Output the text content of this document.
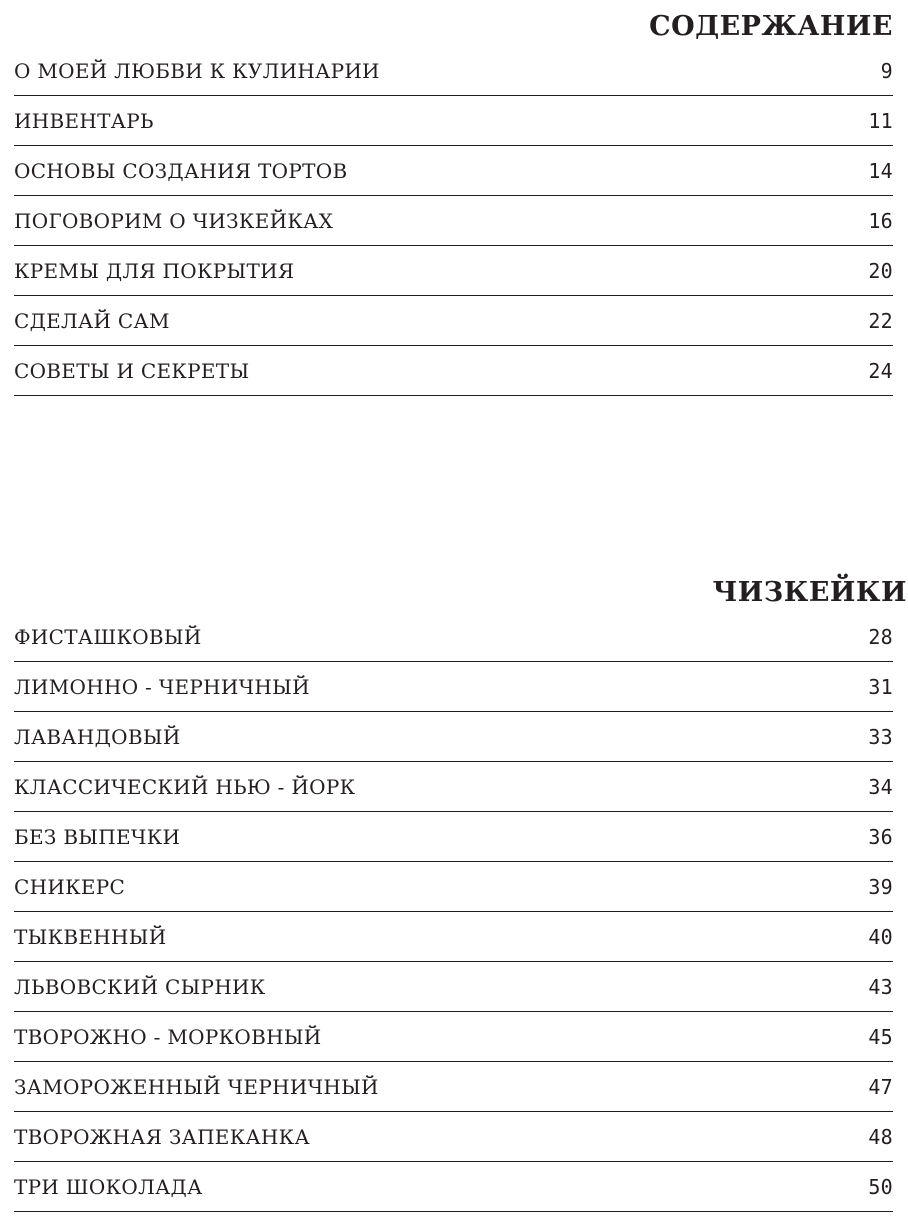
СОДЕРЖАНИЕ
О МОЕЙ ЛЮБВИ К КУЛИНАРИИ	9
ИНВЕНТАРЬ	11
ОСНОВЫ СОЗДАНИЯ ТОРТОВ	14
ПОГОВОРИМ О ЧИЗКЕЙКАХ	16
КРЕМЫ ДЛЯ ПОКРЫТИЯ	20
СДЕЛАЙ САМ	22
СОВЕТЫ И СЕКРЕТЫ	24
ЧИЗКЕЙКИ
ФИСТАШКОВЫЙ	28
ЛИМОННО - ЧЕРНИЧНЫЙ	31
ЛАВАНДОВЫЙ	33
КЛАССИЧЕСКИЙ НЬЮ - ЙОРК	34
БЕЗ ВЫПЕЧКИ	36
СНИКЕРС	39
ТЫКВЕННЫЙ	40
ЛЬВОВСКИЙ СЫРНИК	43
ТВОРОЖНО - МОРКОВНЫЙ	45
ЗАМОРОЖЕННЫЙ ЧЕРНИЧНЫЙ	47
ТВОРОЖНАЯ ЗАПЕКАНКА	48
ТРИ ШОКОЛАДА	50
